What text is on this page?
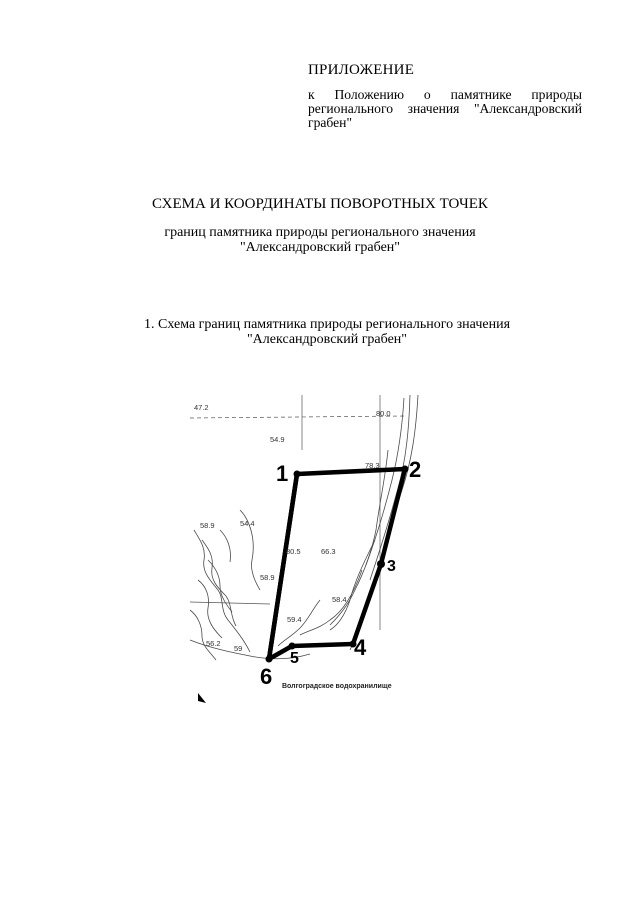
ПРИЛОЖЕНИЕ
к Положению о памятнике природы
регионального значения "Александровский
грабен"
СХЕМА И КООРДИНАТЫ ПОВОРОТНЫХ ТОЧЕК
границ памятника природы регионального значения
"Александровский грабен"
1. Схема границ памятника природы регионального значения
"Александровский грабен"
1	2
3
4
5
6
47.2
80.0
54.9
78.3
58.9	54.4
80.5	66.3
58.9
59.4
58.4
56.2
59
Волгоградское водохранилище
